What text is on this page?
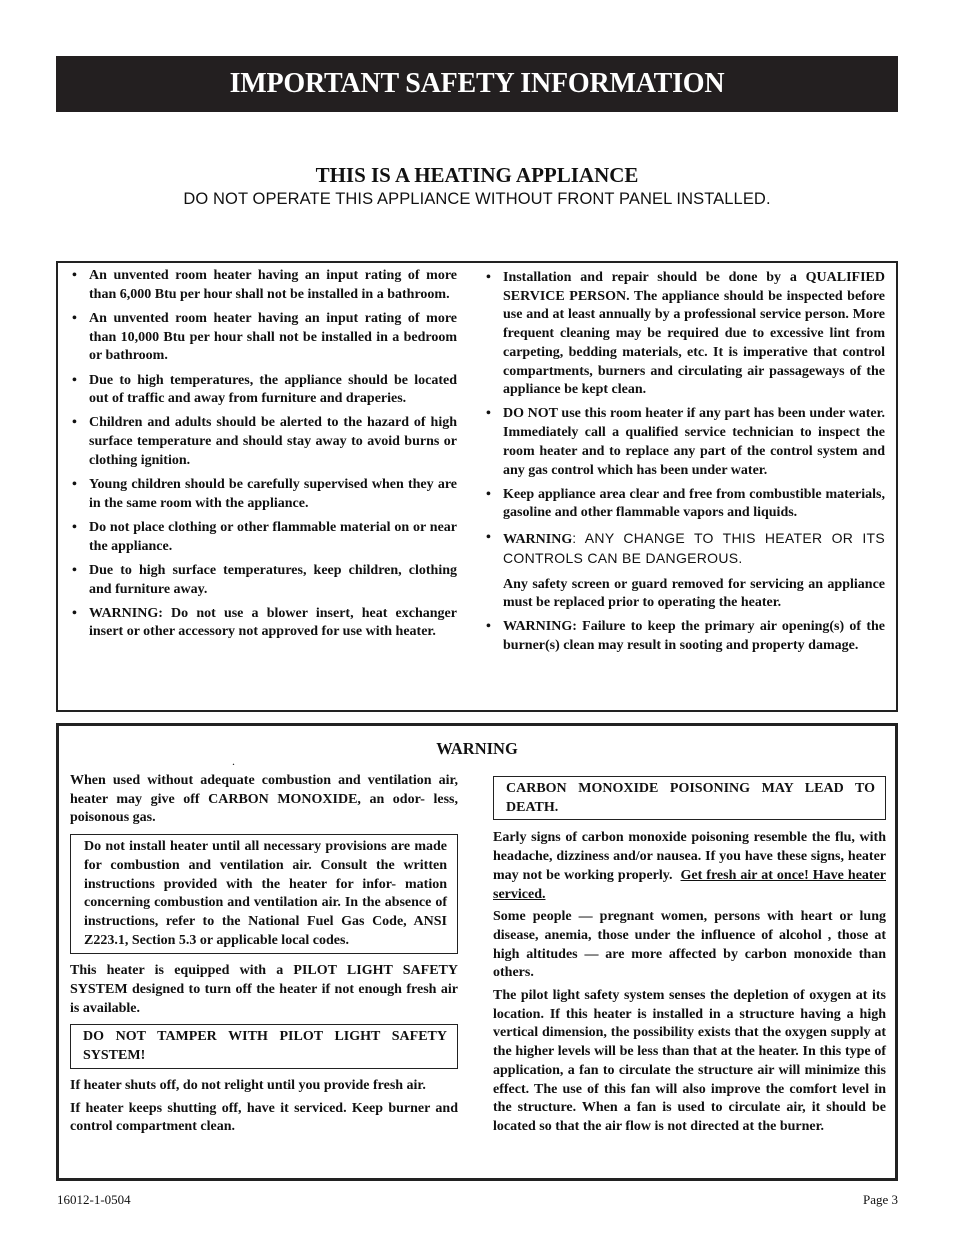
IMPORTANT SAFETY INFORMATION
THIS IS A HEATING APPLIANCE
DO NOT OPERATE THIS APPLIANCE WITHOUT FRONT PANEL INSTALLED.
• An unvented room heater having an input rating of more than 6,000 Btu per hour shall not be installed in a bathroom.
• An unvented room heater having an input rating of more than 10,000 Btu per hour shall not be installed in a bedroom or bathroom.
• Due to high temperatures, the appliance should be located out of traffic and away from furniture and draperies.
• Children and adults should be alerted to the hazard of high surface temperature and should stay away to avoid burns or clothing ignition.
• Young children should be carefully supervised when they are in the same room with the appliance.
• Do not place clothing or other flammable material on or near the appliance.
• Due to high surface temperatures, keep children, clothing and furniture away.
• WARNING: Do not use a blower insert, heat exchanger insert or other accessory not approved for use with heater.
• Installation and repair should be done by a QUALIFIED SERVICE PERSON. The appliance should be inspected before use and at least annually by a professional service person. More frequent cleaning may be required due to excessive lint from carpeting, bedding materials, etc. It is imperative that control compartments, burners and circulating air passageways of the appliance be kept clean.
• DO NOT use this room heater if any part has been under water. Immediately call a qualified service technician to inspect the room heater and to replace any part of the control system and any gas control which has been under water.
• Keep appliance area clear and free from combustible materials, gasoline and other flammable vapors and liquids.
• WARNING: ANY CHANGE TO THIS HEATER OR ITS CONTROLS CAN BE DANGEROUS.
Any safety screen or guard removed for servicing an appliance must be replaced prior to operating the heater.
• WARNING: Failure to keep the primary air opening(s) of the burner(s) clean may result in sooting and property damage.
WARNING
.

When used without adequate combustion and ventilation air, heater may give off CARBON MONOXIDE, an odor- less, poisonous gas.

Do not install heater until all necessary provisions are made for combustion and ventilation air. Consult the written instructions provided with the heater for infor- mation concerning combustion and ventilation air. In the absence of instructions, refer to the National Fuel Gas Code, ANSI Z223.1, Section 5.3 or applicable local codes.

This heater is equipped with a PILOT LIGHT SAFETY SYSTEM designed to turn off the heater if not enough fresh air is available.

DO NOT TAMPER WITH PILOT LIGHT SAFETY SYSTEM!

If heater shuts off, do not relight until you provide fresh air.

If heater keeps shutting off, have it serviced. Keep burner and control compartment clean.

CARBON MONOXIDE POISONING MAY LEAD TO DEATH.

Early signs of carbon monoxide poisoning resemble the flu, with headache, dizziness and/or nausea. If you have these signs, heater may not be working properly. Get fresh air at once! Have heater serviced.

Some people — pregnant women, persons with heart or lung disease, anemia, those under the influence of alcohol , those at high altitudes — are more affected by carbon monoxide than others.

The pilot light safety system senses the depletion of oxygen at its location. If this heater is installed in a structure having a high vertical dimension, the possibility exists that the oxygen supply at the higher levels will be less than that at the heater. In this type of application, a fan to circulate the structure air will minimize this effect. The use of this fan will also improve the comfort level in the structure. When a fan is used to circulate air, it should be located so that the air flow is not directed at the burner.

16012-1-0504	Page 3
